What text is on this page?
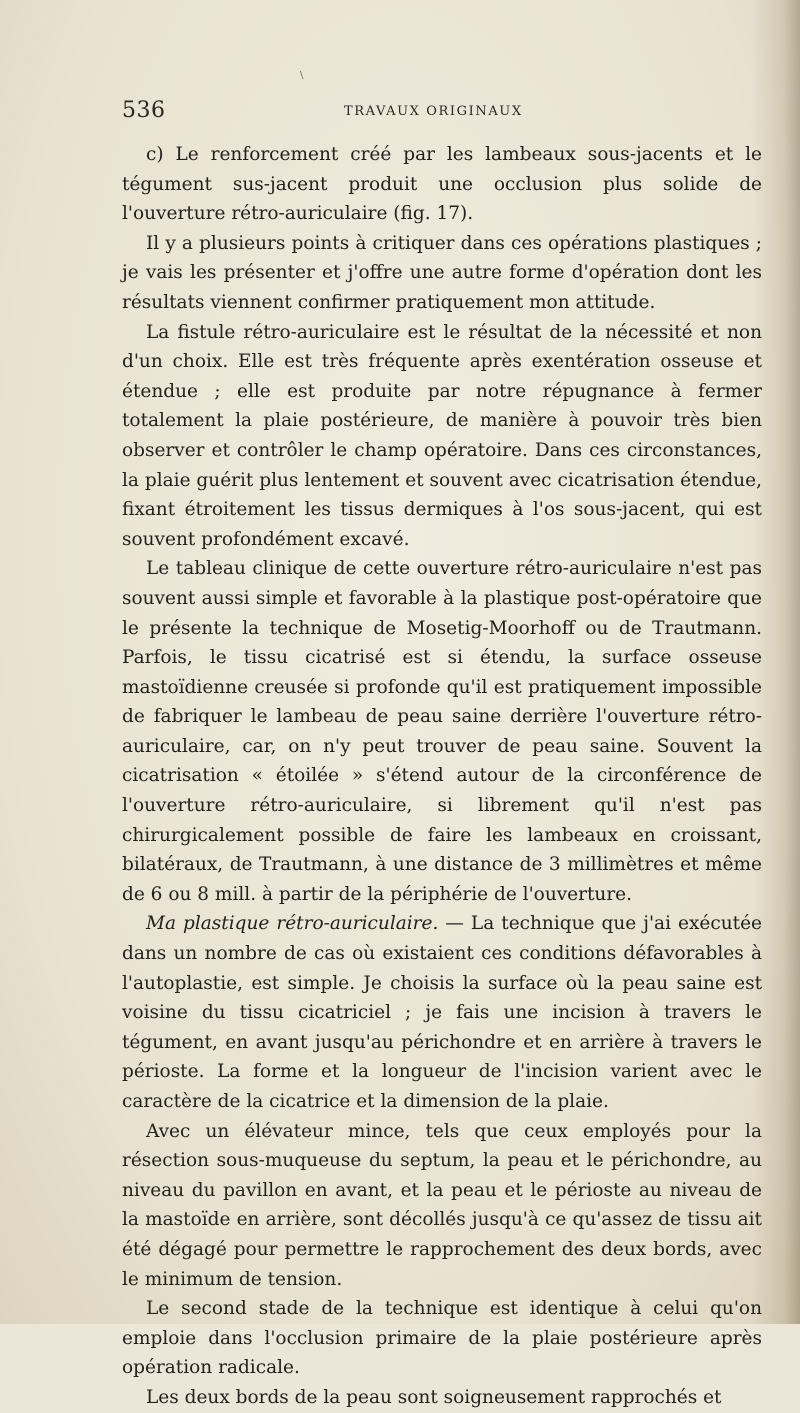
\
536	TRAVAUX ORIGINAUX

c) Le renforcement créé par les lambeaux sous-jacents et le tégument sus-jacent produit une occlusion plus solide de l'ouverture rétro-auriculaire (fig. 17).

Il y a plusieurs points à critiquer dans ces opérations plastiques ; je vais les présenter et j'offre une autre forme d'opération dont les résultats viennent confirmer pratiquement mon attitude.

La fistule rétro-auriculaire est le résultat de la nécessité et non d'un choix. Elle est très fréquente après exentération osseuse et étendue ; elle est produite par notre répugnance à fermer totalement la plaie postérieure, de manière à pouvoir très bien observer et contrôler le champ opératoire. Dans ces circonstances, la plaie guérit plus lentement et souvent avec cicatrisation étendue, fixant étroitement les tissus dermiques à l'os sous-jacent, qui est souvent profondément excavé.

Le tableau clinique de cette ouverture rétro-auriculaire n'est pas souvent aussi simple et favorable à la plastique post-opératoire que le présente la technique de Mosetig-Moorhoff ou de Trautmann. Parfois, le tissu cicatrisé est si étendu, la surface osseuse mastoïdienne creusée si profonde qu'il est pratiquement impossible de fabriquer le lambeau de peau saine derrière l'ouverture rétro-auriculaire, car, on n'y peut trouver de peau saine. Souvent la cicatrisation « étoilée » s'étend autour de la circonférence de l'ouverture rétro-auriculaire, si librement qu'il n'est pas chirurgicalement possible de faire les lambeaux en croissant, bilatéraux, de Trautmann, à une distance de 3 millimètres et même de 6 ou 8 mill. à partir de la périphérie de l'ouverture.

Ma plastique rétro-auriculaire. — La technique que j'ai exécutée dans un nombre de cas où existaient ces conditions défavorables à l'autoplastie, est simple. Je choisis la surface où la peau saine est voisine du tissu cicatriciel ; je fais une incision à travers le tégument, en avant jusqu'au périchondre et en arrière à travers le périoste. La forme et la longueur de l'incision varient avec le caractère de la cicatrice et la dimension de la plaie.

Avec un élévateur mince, tels que ceux employés pour la résection sous-muqueuse du septum, la peau et le périchondre, au niveau du pavillon en avant, et la peau et le périoste au niveau de la mastoïde en arrière, sont décollés jusqu'à ce qu'assez de tissu ait été dégagé pour permettre le rapprochement des deux bords, avec le minimum de tension.

Le second stade de la technique est identique à celui qu'on emploie dans l'occlusion primaire de la plaie postérieure après opération radicale.

Les deux bords de la peau sont soigneusement rapprochés et
